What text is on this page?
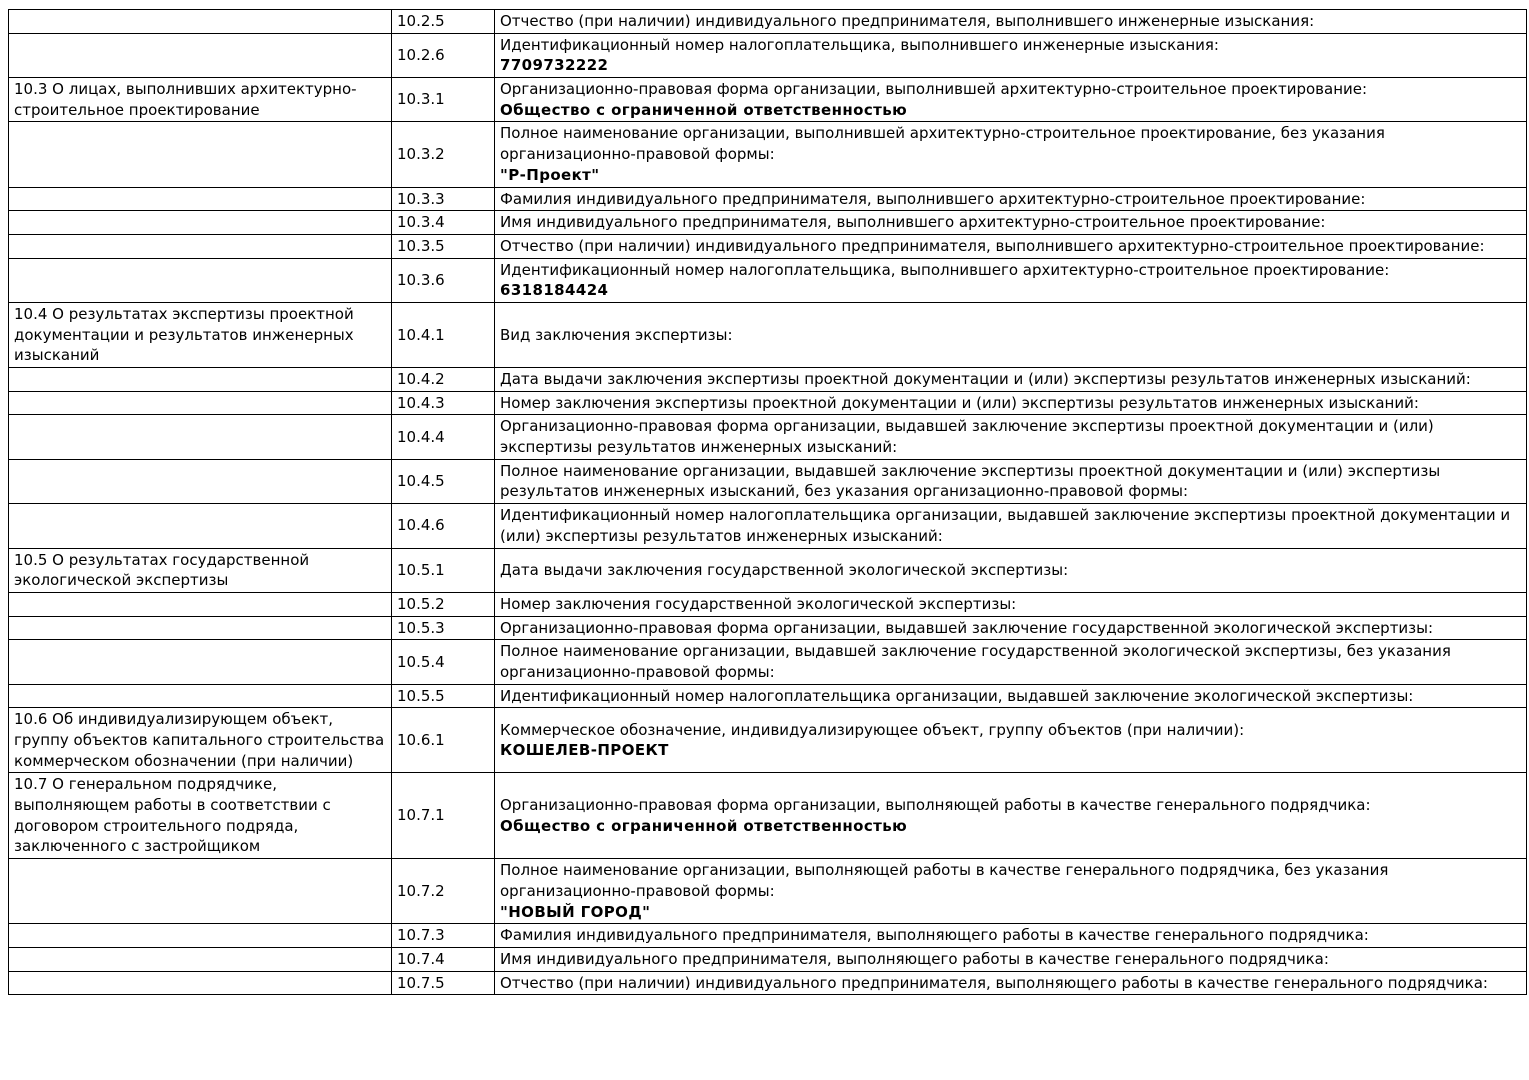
	10.2.5	Отчество (при наличии) индивидуального предпринимателя, выполнившего инженерные изыскания:

	10.2.6	Идентификационный номер налогоплательщика, выполнившего инженерные изыскания:
7709732222

10.3 О лицах, выполнивших архитектурно-строительное проектирование	10.3.1	Организационно-правовая форма организации, выполнившей архитектурно-строительное проектирование:
Общество с ограниченной ответственностью

	10.3.2	Полное наименование организации, выполнившей архитектурно-строительное проектирование, без указания организационно-правовой формы:
"Р-Проект"

	10.3.3	Фамилия индивидуального предпринимателя, выполнившего архитектурно-строительное проектирование:

	10.3.4	Имя индивидуального предпринимателя, выполнившего архитектурно-строительное проектирование:

	10.3.5	Отчество (при наличии) индивидуального предпринимателя, выполнившего архитектурно-строительное проектирование:

	10.3.6	Идентификационный номер налогоплательщика, выполнившего архитектурно-строительное проектирование:
6318184424

10.4 О результатах экспертизы проектной документации и результатов инженерных изысканий	10.4.1	Вид заключения экспертизы:

	10.4.2	Дата выдачи заключения экспертизы проектной документации и (или) экспертизы результатов инженерных изысканий:

	10.4.3	Номер заключения экспертизы проектной документации и (или) экспертизы результатов инженерных изысканий:

	10.4.4	Организационно-правовая форма организации, выдавшей заключение экспертизы проектной документации и (или) экспертизы результатов инженерных изысканий:

	10.4.5	Полное наименование организации, выдавшей заключение экспертизы проектной документации и (или) экспертизы результатов инженерных изысканий, без указания организационно-правовой формы:

	10.4.6	Идентификационный номер налогоплательщика организации, выдавшей заключение экспертизы проектной документации и (или) экспертизы результатов инженерных изысканий:

10.5 О результатах государственной экологической экспертизы	10.5.1	Дата выдачи заключения государственной экологической экспертизы:

	10.5.2	Номер заключения государственной экологической экспертизы:

	10.5.3	Организационно-правовая форма организации, выдавшей заключение государственной экологической экспертизы:

	10.5.4	Полное наименование организации, выдавшей заключение государственной экологической экспертизы, без указания организационно-правовой формы:

	10.5.5	Идентификационный номер налогоплательщика организации, выдавшей заключение экологической экспертизы:

10.6 Об индивидуализирующем объект, группу объектов капитального строительства коммерческом обозначении (при наличии)	10.6.1	Коммерческое обозначение, индивидуализирующее объект, группу объектов (при наличии):
КОШЕЛЕВ-ПРОЕКТ

10.7 О генеральном подрядчике, выполняющем работы в соответствии с договором строительного подряда, заключенного с застройщиком	10.7.1	Организационно-правовая форма организации, выполняющей работы в качестве генерального подрядчика:
Общество с ограниченной ответственностью

	10.7.2	Полное наименование организации, выполняющей работы в качестве генерального подрядчика, без указания организационно-правовой формы:
"НОВЫЙ ГОРОД"

	10.7.3	Фамилия индивидуального предпринимателя, выполняющего работы в качестве генерального подрядчика:

	10.7.4	Имя индивидуального предпринимателя, выполняющего работы в качестве генерального подрядчика:

	10.7.5	Отчество (при наличии) индивидуального предпринимателя, выполняющего работы в качестве генерального подрядчика:
